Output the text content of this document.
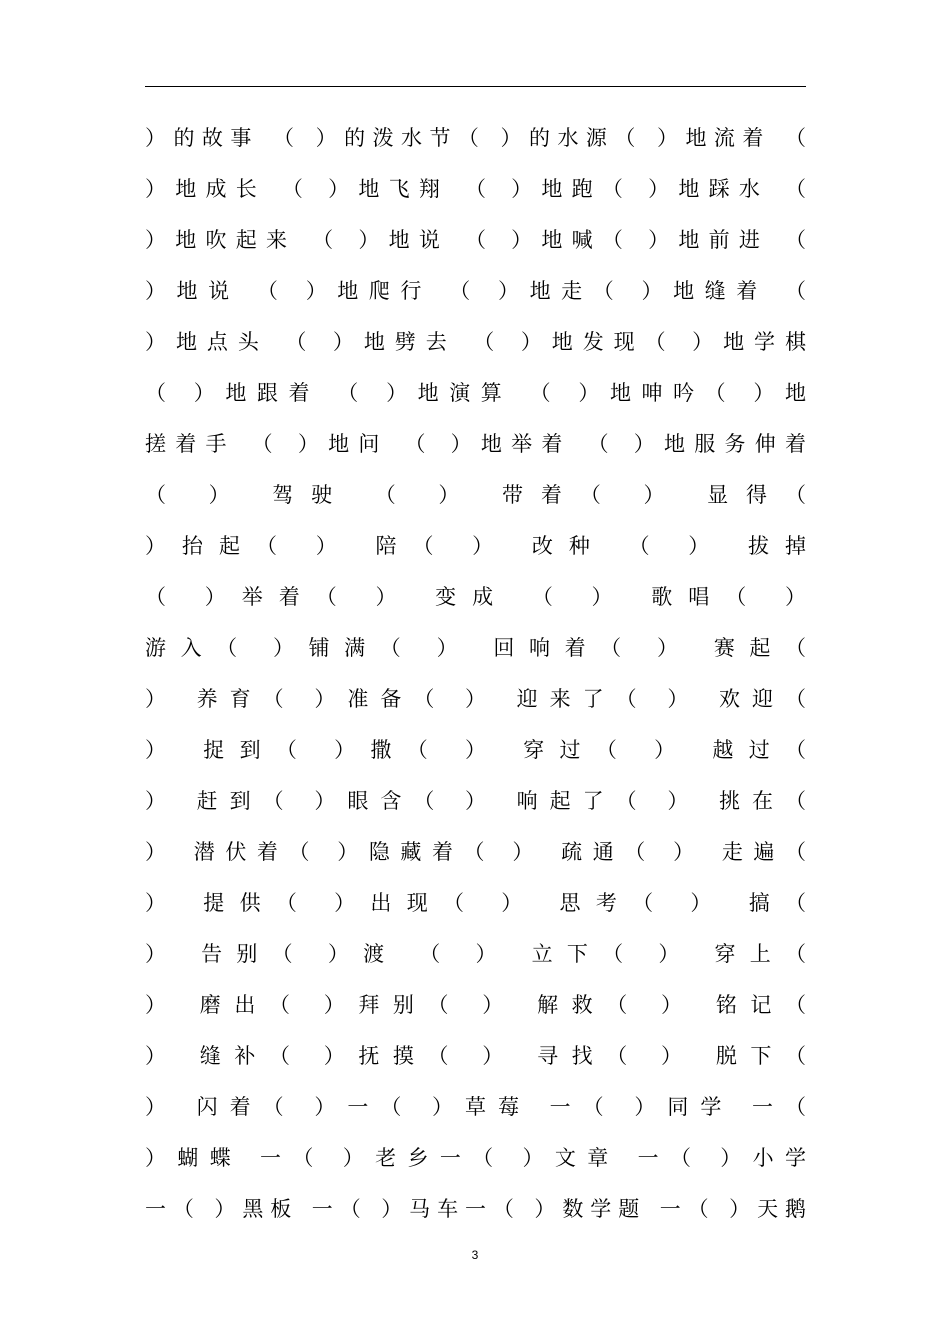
）的故事 （ ）的泼水节（ ）的水源（ ）地流着 （
）地成长 （ ）地飞翔 （ ）地跑（ ）地踩水 （
）地吹起来 （ ）地说 （ ）地喊（ ）地前进 （
）地说 （ ）地爬行 （ ）地走（ ）地缝着 （
）地点头 （ ）地劈去 （ ）地发现（ ）地学棋
（ ）地跟着 （ ）地演算 （ ）地呻吟（ ）地
搓着手 （ ）地问 （ ）地举着 （ ）地服务伸着
（ ） 驾驶 （ ） 带着（ ） 显得（
）抬起（ ） 陪（ ） 改种 （ ） 拔掉
（ ）举着（ ） 变成 （ ） 歌唱（ ）
游入（ ）铺满（ ） 回响着（ ） 赛起（
） 养育（ ）准备（ ） 迎来了（ ） 欢迎（
） 捉到（ ）撒（ ） 穿过（ ） 越过（
） 赶到（ ）眼含（ ） 响起了（ ） 挑在（
） 潜伏着（ ）隐藏着（ ） 疏通（ ） 走遍（
） 提供（ ）出现（ ） 思考（ ） 搞（
） 告别（ ）渡 （ ） 立下（ ） 穿上（
） 磨出（ ）拜别（ ） 解救（ ） 铭记（
） 缝补（ ）抚摸（ ） 寻找（ ） 脱下（
） 闪着（ ）一（ ）草莓 一（ ）同学 一（
）蝴蝶 一（ ）老乡一（ ）文章 一（ ）小学
一（ ）黑板 一（ ）马车一（ ）数学题 一（ ）天鹅
3
